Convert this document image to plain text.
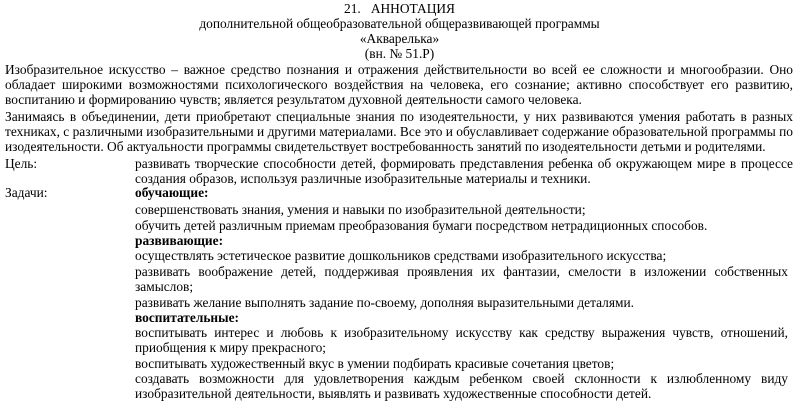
21. АННОТАЦИЯ
дополнительной общеобразовательной общеразвивающей программы
«Акварелька»
(вн. № 51.Р)
Изобразительное искусство – важное средство познания и отражения действительности во всей ее сложности и многообразии. Оно обладает широкими возможностями психологического воздействия на человека, его сознание; активно способствует его развитию, воспитанию и формированию чувств; является результатом духовной деятельности самого человека.
Занимаясь в объединении, дети приобретают специальные знания по изодеятельности, у них развиваются умения работать в разных техниках, с различными изобразительными и другими материалами. Все это и обуславливает содержание образовательной программы по изодеятельности. Об актуальности программы свидетельствует востребованность занятий по изодеятельности детьми и родителями.
Цель:	развивать творческие способности детей, формировать представления ребенка об окружающем мире в процессе создания образов, используя различные изобразительные материалы и техники.
Задачи:	обучающие:
совершенствовать знания, умения и навыки по изобразительной деятельности;
обучить детей различным приемам преобразования бумаги посредством нетрадиционных способов.
развивающие:
осуществлять эстетическое развитие дошкольников средствами изобразительного искусства;
развивать воображение детей, поддерживая проявления их фантазии, смелости в изложении собственных замыслов;
развивать желание выполнять задание по-своему, дополняя выразительными деталями.
воспитательные:
воспитывать интерес и любовь к изобразительному искусству как средству выражения чувств, отношений, приобщения к миру прекрасного;
воспитывать художественный вкус в умении подбирать красивые сочетания цветов;
создавать возможности для удовлетворения каждым ребенком своей склонности к излюбленному виду изобразительной деятельности, выявлять и развивать художественные способности детей.
